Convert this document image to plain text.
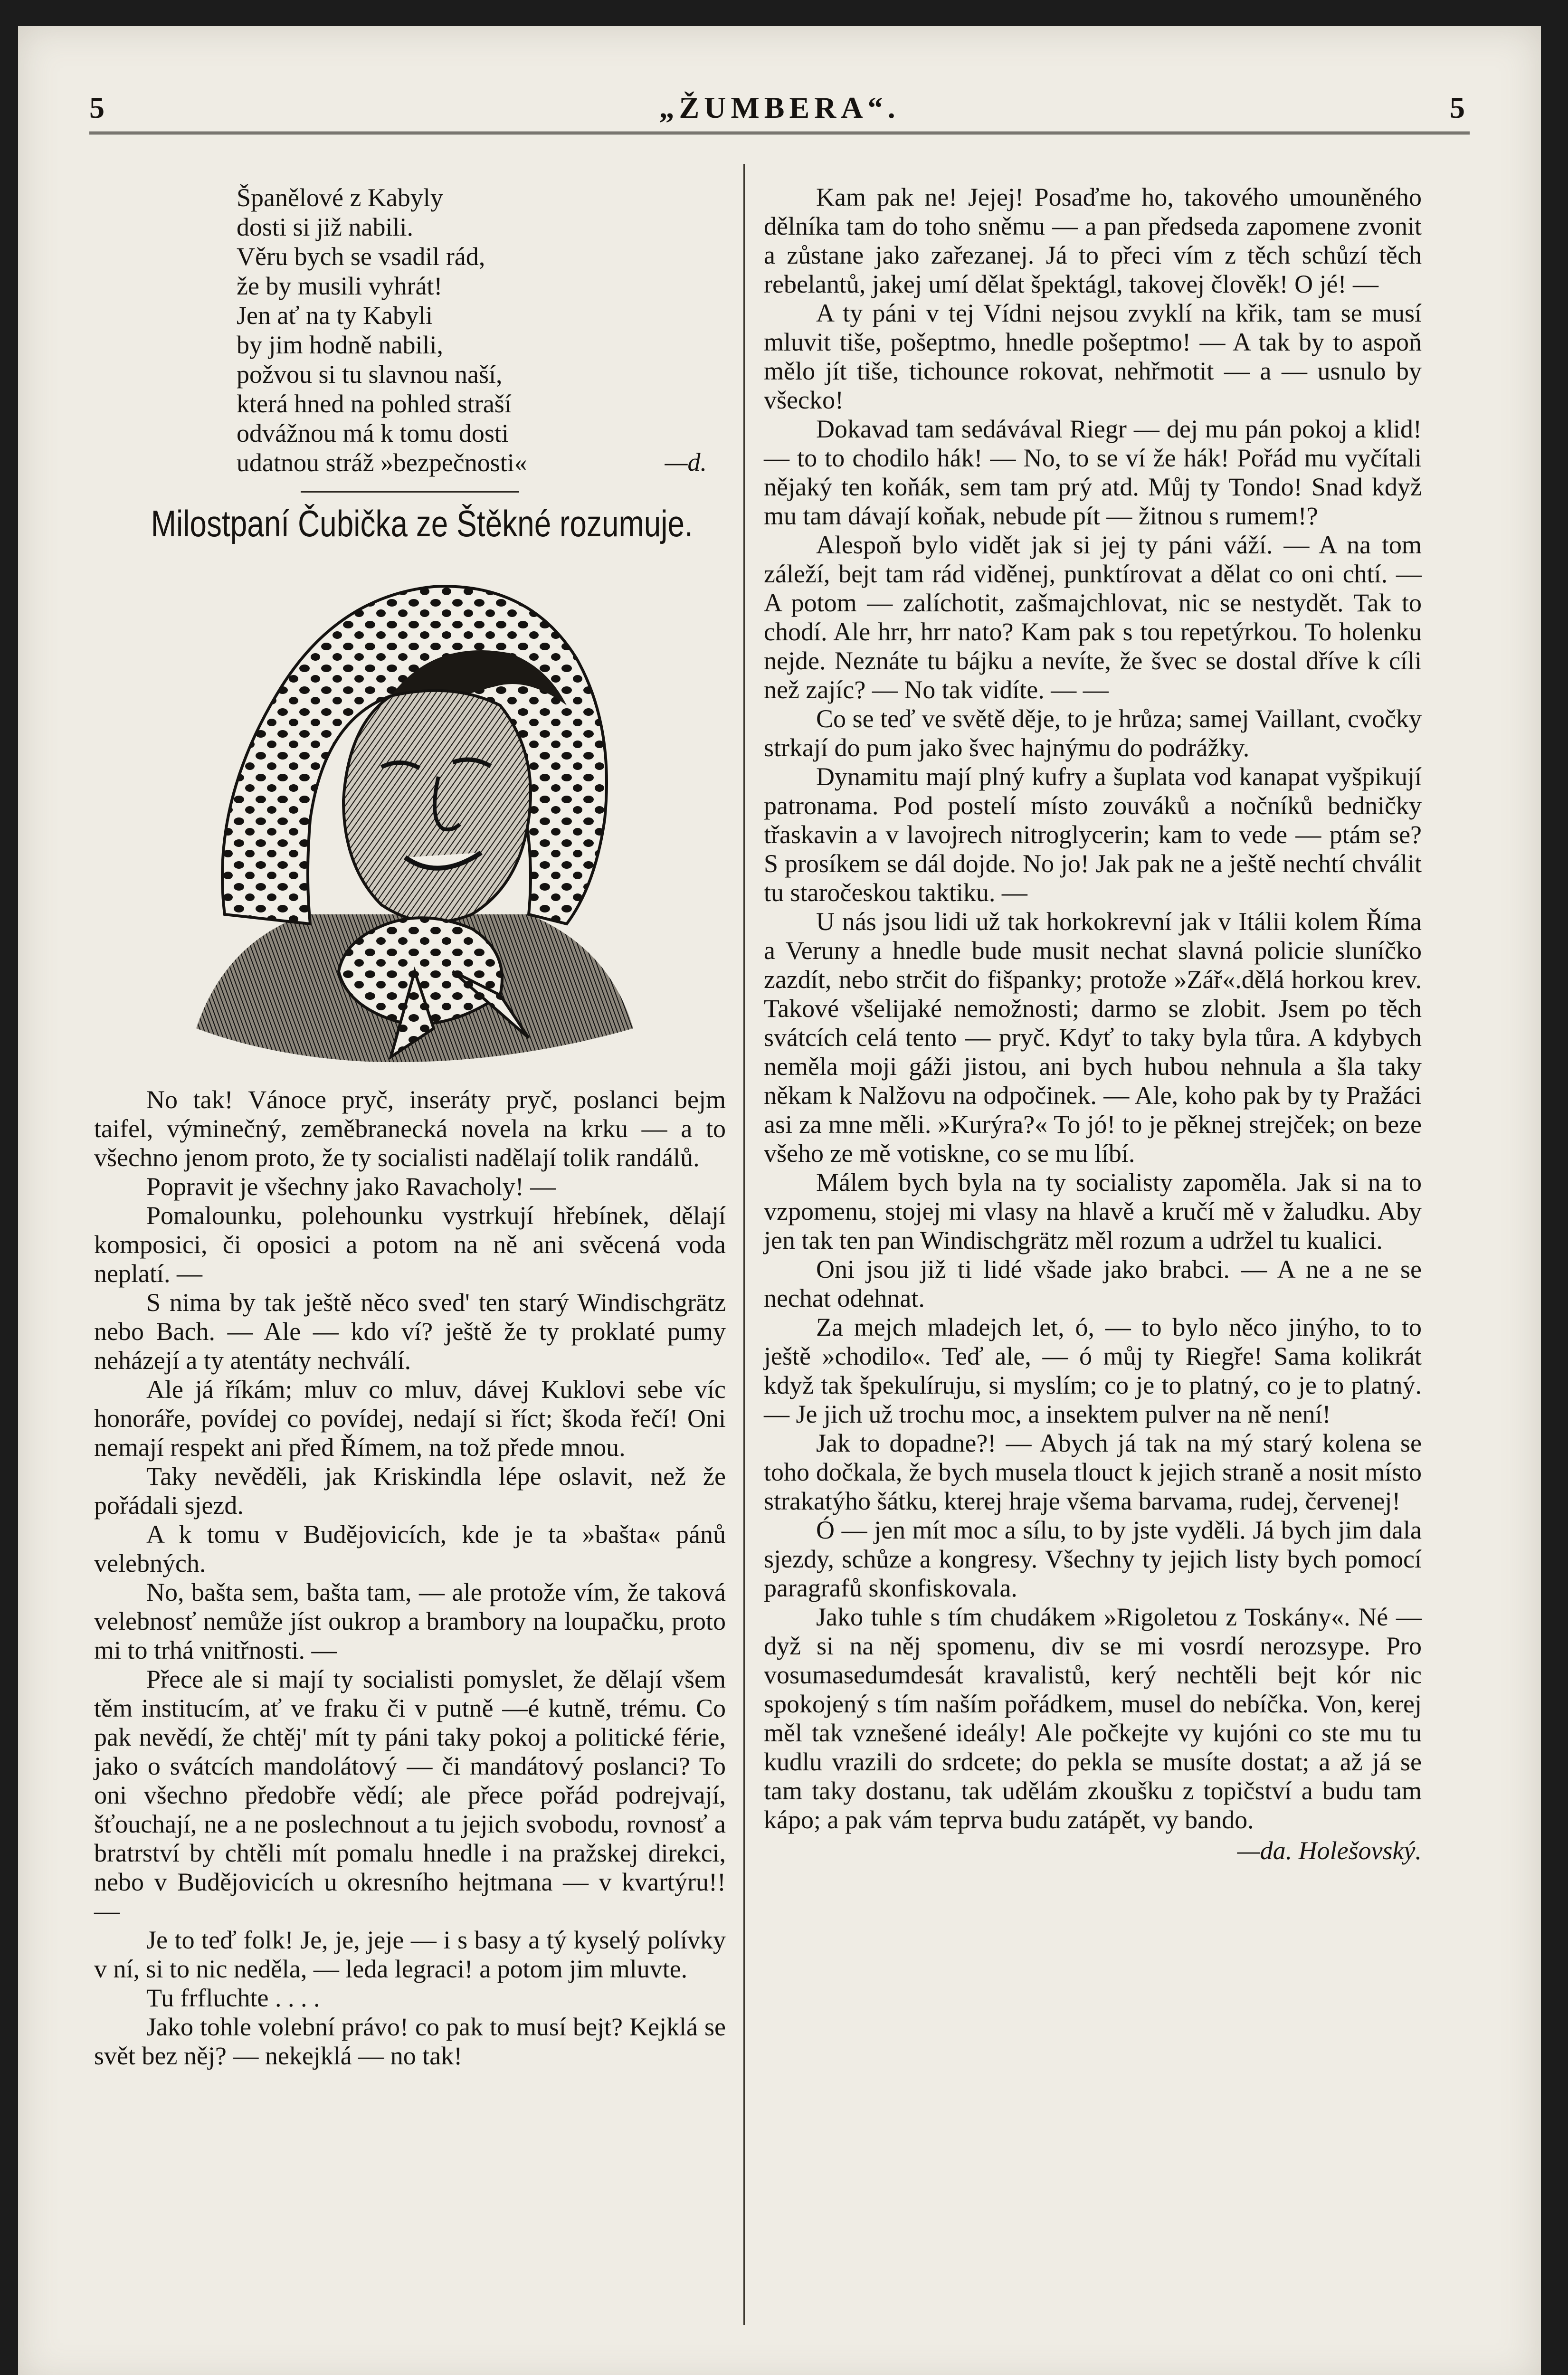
5	„ŽUMBERA“.	5
Španělové z Kabyly
dosti si již nabili.
Věru bych se vsadil rád,
že by musili vyhrát!
Jen ať na ty Kabyli
by jim hodně nabili,
požvou si tu slavnou naší,
která hned na pohled straší
odvážnou má k tomu dosti
udatnou stráž »bezpečnosti«	—d.
Milostpaní Čubička ze Štěkné rozumuje.

No tak! Vánoce pryč, inseráty pryč, poslanci bejm taifel, výminečný, zeměbranecká novela na krku — a to všechno jenom proto, že ty socialisti nadělají tolik randálů.

Popravit je všechny jako Ravacholy! —

Pomalounku, polehounku vystrkují hřebínek, dělají komposici, či oposici a potom na ně ani svěcená voda neplatí. —

S nima by tak ještě něco sved' ten starý Windischgrätz nebo Bach. — Ale — kdo ví? ještě že ty proklaté pumy neházejí a ty atentáty nechválí.

Ale já říkám; mluv co mluv, dávej Kuklovi sebe víc honoráře, povídej co povídej, nedají si říct; škoda řečí! Oni nemají respekt ani před Římem, na tož přede mnou.

Taky nevěděli, jak Kriskindla lépe oslavit, než že pořádali sjezd.

A k tomu v Budějovicích, kde je ta »bašta« pánů velebných.

No, bašta sem, bašta tam, — ale protože vím, že taková velebnosť nemůže jíst oukrop a brambory na loupačku, proto mi to trhá vnitřnosti. —

Přece ale si mají ty socialisti pomyslet, že dělají všem těm institucím, ať ve fraku či v putně —é kutně, trému. Co pak nevědí, že chtěj' mít ty páni taky pokoj a politické férie, jako o svátcích mandolátový — či mandátový poslanci? To oni všechno předobře vědí; ale přece pořád podrejvají, šťouchají, ne a ne poslechnout a tu jejich svobodu, rovnosť a bratrství by chtěli mít pomalu hnedle i na pražskej direkci, nebo v Budějovicích u okresního hejtmana — v kvartýru!! —

Je to teď folk! Je, je, jeje — i s basy a tý kyselý polívky v ní, si to nic neděla, — leda legraci! a potom jim mluvte.

Tu frfluchte . . . .

Jako tohle volební právo! co pak to musí bejt? Kejklá se svět bez něj? — nekejklá — no tak!

Kam pak ne! Jejej! Posaďme ho, takového umouněného dělníka tam do toho sněmu — a pan předseda zapomene zvonit a zůstane jako zařezanej. Já to přeci vím z těch schůzí těch rebelantů, jakej umí dělat špektágl, takovej člověk! O jé! —

A ty páni v tej Vídni nejsou zvyklí na křik, tam se musí mluvit tiše, pošeptmo, hnedle pošeptmo! — A tak by to aspoň mělo jít tiše, tichounce rokovat, nehřmotit — a — usnulo by všecko!

Dokavad tam sedávával Riegr — dej mu pán pokoj a klid! — to to chodilo hák! — No, to se ví že hák! Pořád mu vyčítali nějaký ten koňák, sem tam prý atd. Můj ty Tondo! Snad když mu tam dávají koňak, nebude pít — žitnou s rumem!?

Alespoň bylo vidět jak si jej ty páni váží. — A na tom záleží, bejt tam rád viděnej, punktírovat a dělat co oni chtí. — A potom — zalíchotit, zašmajchlovat, nic se nestydět. Tak to chodí. Ale hrr, hrr nato? Kam pak s tou repetýrkou. To holenku nejde. Neznáte tu bájku a nevíte, že švec se dostal dříve k cíli než zajíc? — No tak vidíte. — —

Co se teď ve světě děje, to je hrůza; samej Vaillant, cvočky strkají do pum jako švec hajnýmu do podrážky.

Dynamitu mají plný kufry a šuplata vod kanapat vyšpikují patronama. Pod postelí místo zouváků a nočníků bedničky třaskavin a v lavojrech nitroglycerin; kam to vede — ptám se? S prosíkem se dál dojde. No jo! Jak pak ne a ještě nechtí chválit tu staročeskou taktiku. —

U nás jsou lidi už tak horkokrevní jak v Itálii kolem Říma a Veruny a hnedle bude musit nechat slavná policie sluníčko zazdít, nebo strčit do fišpanky; protože »Zář«.dělá horkou krev. Takové všelijaké nemožnosti; darmo se zlobit. Jsem po těch svátcích celá tento — pryč. Kdyť to taky byla tůra. A kdybych neměla moji gáži jistou, ani bych hubou nehnula a šla taky někam k Nalžovu na odpočinek. — Ale, koho pak by ty Pražáci asi za mne měli. »Kurýra?« To jó! to je pěknej strejček; on beze všeho ze mě votiskne, co se mu líbí.

Málem bych byla na ty socialisty zapoměla. Jak si na to vzpomenu, stojej mi vlasy na hlavě a kručí mě v žaludku. Aby jen tak ten pan Windischgrätz měl rozum a udržel tu kualici.

Oni jsou již ti lidé všade jako brabci. — A ne a ne se nechat odehnat.

Za mejch mladejch let, ó, — to bylo něco jinýho, to to ještě »chodilo«. Teď ale, — ó můj ty Riegře! Sama kolikrát když tak špekulíruju, si myslím; co je to platný, co je to platný. — Je jich už trochu moc, a insektem pulver na ně není!

Jak to dopadne?! — Abych já tak na mý starý kolena se toho dočkala, že bych musela tlouct k jejich straně a nosit místo strakatýho šátku, kterej hraje všema barvama, rudej, červenej!

Ó — jen mít moc a sílu, to by jste vyděli. Já bych jim dala sjezdy, schůze a kongresy. Všechny ty jejich listy bych pomocí paragrafů skonfiskovala.

Jako tuhle s tím chudákem »Rigoletou z Toskány«. Né — dyž si na něj spomenu, div se mi vosrdí nerozsype. Pro vosumasedumdesát kravalistů, kerý nechtěli bejt kór nic spokojený s tím naším pořádkem, musel do nebíčka. Von, kerej měl tak vznešené ideály! Ale počkejte vy kujóni co ste mu tu kudlu vrazili do srdcete; do pekla se musíte dostat; a až já se tam taky dostanu, tak udělám zkoušku z topičství a budu tam kápo; a pak vám teprva budu zatápět, vy bando.

—da. Holešovský.
